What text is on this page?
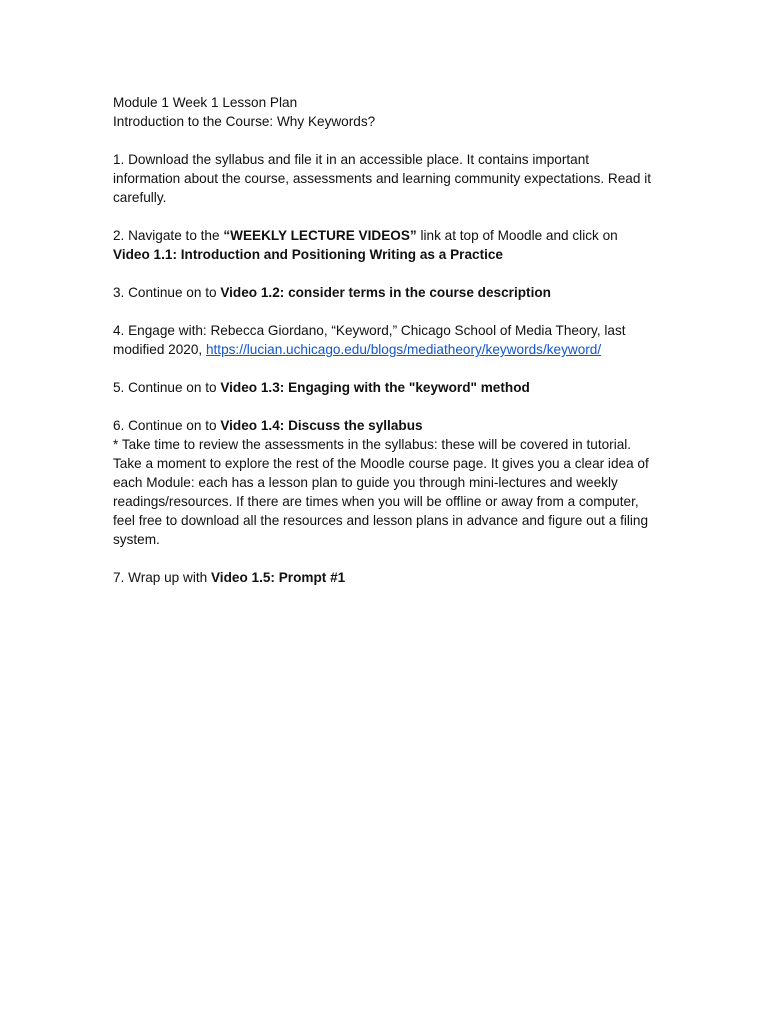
Module 1 Week 1 Lesson Plan
Introduction to the Course: Why Keywords?
1. Download the syllabus and file it in an accessible place. It contains important information about the course, assessments and learning community expectations. Read it carefully.
2. Navigate to the “WEEKLY LECTURE VIDEOS” link at top of Moodle and click on Video 1.1: Introduction and Positioning Writing as a Practice
3. Continue on to Video 1.2: consider terms in the course description
4. Engage with: Rebecca Giordano, “Keyword,” Chicago School of Media Theory, last modified 2020, https://lucian.uchicago.edu/blogs/mediatheory/keywords/keyword/
5. Continue on to Video 1.3: Engaging with the "keyword" method
6. Continue on to Video 1.4: Discuss the syllabus
* Take time to review the assessments in the syllabus: these will be covered in tutorial. Take a moment to explore the rest of the Moodle course page. It gives you a clear idea of each Module: each has a lesson plan to guide you through mini-lectures and weekly readings/resources. If there are times when you will be offline or away from a computer, feel free to download all the resources and lesson plans in advance and figure out a filing system.
7. Wrap up with Video 1.5: Prompt #1
